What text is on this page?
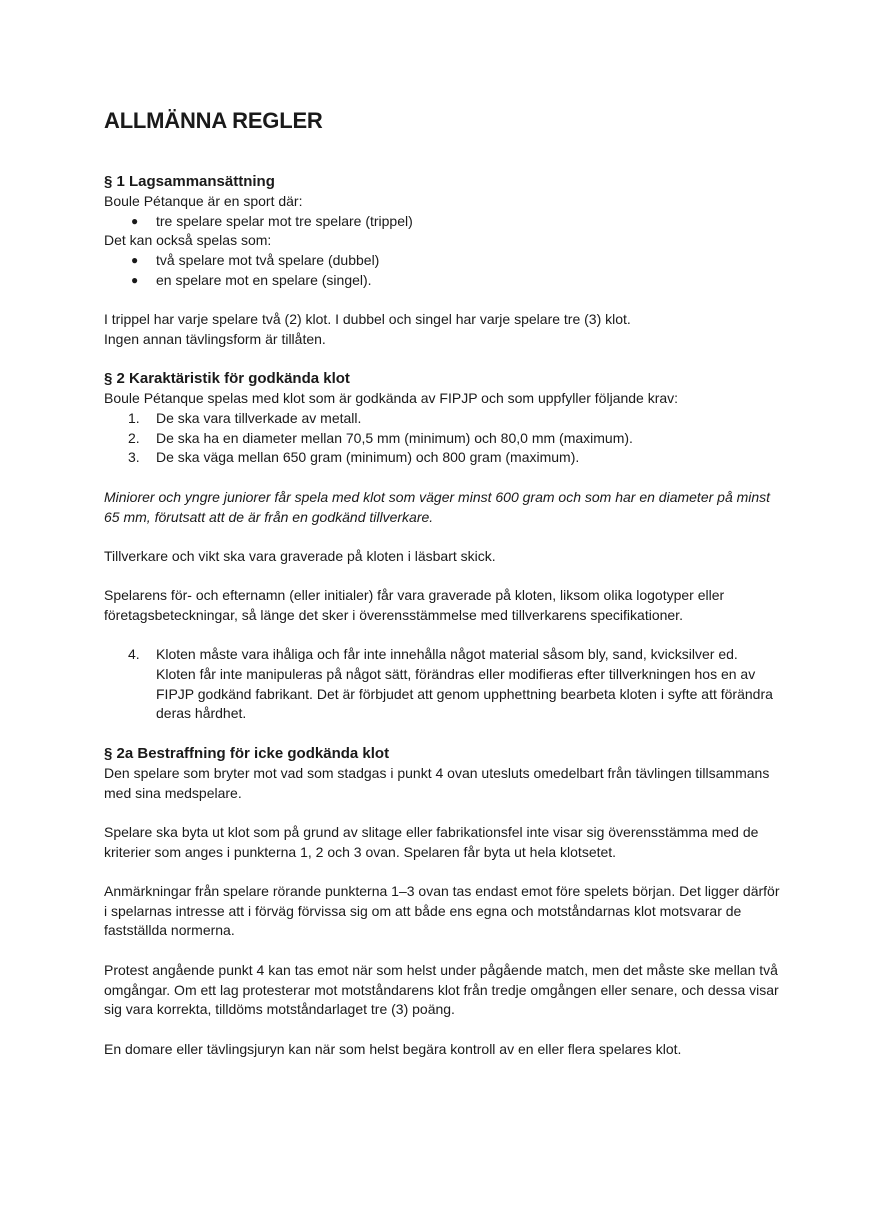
ALLMÄNNA REGLER
§ 1 Lagsammansättning

Boule Pétanque är en sport där:

● tre spelare spelar mot tre spelare (trippel)

Det kan också spelas som:

● två spelare mot två spelare (dubbel)
● en spelare mot en spelare (singel).

I trippel har varje spelare två (2) klot. I dubbel och singel har varje spelare tre (3) klot.

Ingen annan tävlingsform är tillåten.

§ 2 Karaktäristik för godkända klot

Boule Pétanque spelas med klot som är godkända av FIPJP och som uppfyller följande krav:

1. De ska vara tillverkade av metall.
2. De ska ha en diameter mellan 70,5 mm (minimum) och 80,0 mm (maximum).
3. De ska väga mellan 650 gram (minimum) och 800 gram (maximum).

Miniorer och yngre juniorer får spela med klot som väger minst 600 gram och som har en diameter på minst 65 mm, förutsatt att de är från en godkänd tillverkare.

Tillverkare och vikt ska vara graverade på kloten i läsbart skick.

Spelarens för- och efternamn (eller initialer) får vara graverade på kloten, liksom olika logotyper eller företagsbeteckningar, så länge det sker i överensstämmelse med tillverkarens specifikationer.

4. Kloten måste vara ihåliga och får inte innehålla något material såsom bly, sand, kvicksilver ed. Kloten får inte manipuleras på något sätt, förändras eller modifieras efter tillverkningen hos en av FIPJP godkänd fabrikant. Det är förbjudet att genom upphettning bearbeta kloten i syfte att förändra deras hårdhet.
§ 2a Bestraffning för icke godkända klot

Den spelare som bryter mot vad som stadgas i punkt 4 ovan utesluts omedelbart från tävlingen tillsammans med sina medspelare.

Spelare ska byta ut klot som på grund av slitage eller fabrikationsfel inte visar sig överensstämma med de kriterier som anges i punkterna 1, 2 och 3 ovan. Spelaren får byta ut hela klotsetet.

Anmärkningar från spelare rörande punkterna 1–3 ovan tas endast emot före spelets början. Det ligger därför i spelarnas intresse att i förväg förvissa sig om att både ens egna och motståndarnas klot motsvarar de fastställda normerna.

Protest angående punkt 4 kan tas emot när som helst under pågående match, men det måste ske mellan två omgångar. Om ett lag protesterar mot motståndarens klot från tredje omgången eller senare, och dessa visar sig vara korrekta, tilldöms motståndarlaget tre (3) poäng.

En domare eller tävlingsjuryn kan när som helst begära kontroll av en eller flera spelares klot.
